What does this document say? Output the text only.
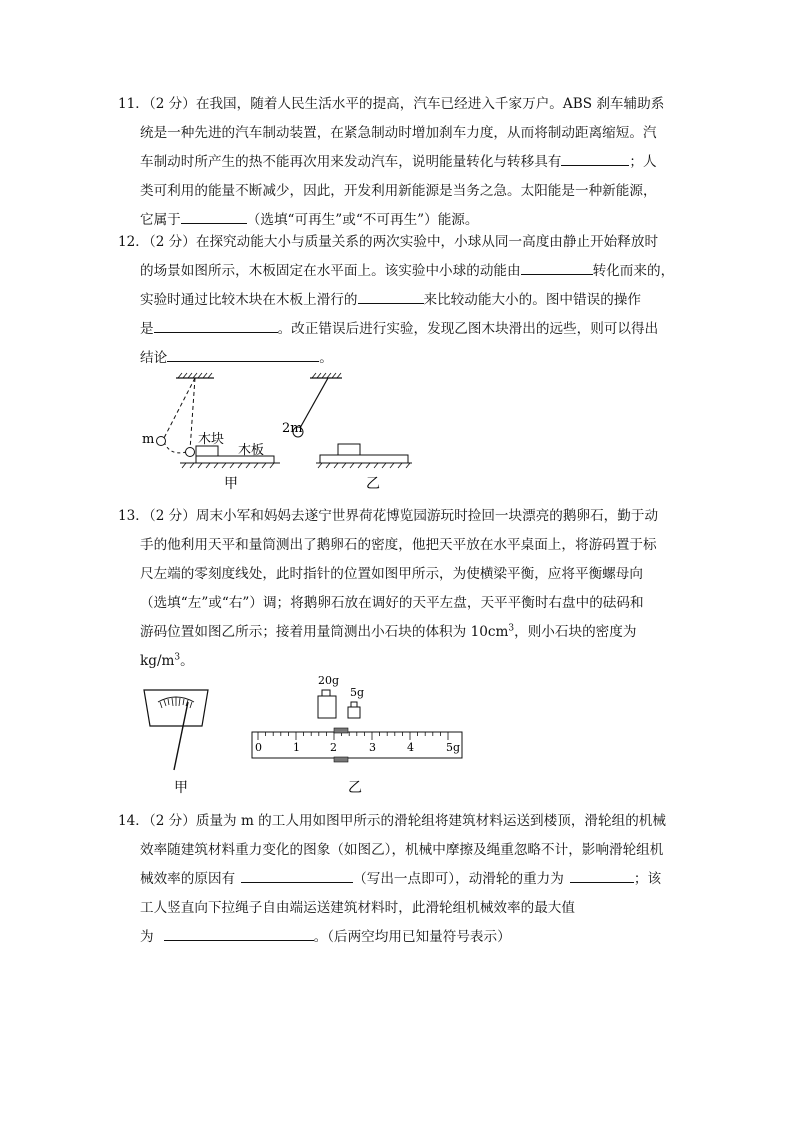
11．（2 分）在我国，随着人民生活水平的提高，汽车已经进入千家万户。ABS 刹车辅助系
统是一种先进的汽车制动装置，在紧急制动时增加刹车力度，从而将制动距离缩短。汽
车制动时所产生的热不能再次用来发动汽车，说明能量转化与转移具有	；人
类可利用的能量不断减少，因此，开发利用新能源是当务之急。太阳能是一种新能源，
它属于	（选填“可再生”或“不可再生”）能源。
12．（2 分）在探究动能大小与质量关系的两次实验中，小球从同一高度由静止开始释放时
的场景如图所示，木板固定在水平面上。该实验中小球的动能由	转化而来的，
实验时通过比较木块在木板上滑行的	来比较动能大小的。图中错误的操作
是	。改正错误后进行实验，发现乙图木块滑出的远些，则可以得出
结论	。
m	木块
木板
2m
甲	乙
13．（2 分）周末小军和妈妈去遂宁世界荷花博览园游玩时捡回一块漂亮的鹅卵石，勤于动
手的他利用天平和量筒测出了鹅卵石的密度，他把天平放在水平桌面上，将游码置于标
尺左端的零刻度线处，此时指针的位置如图甲所示，为使横梁平衡，应将平衡螺母向
（选填“左”或“右”）调；将鹅卵石放在调好的天平左盘，天平平衡时右盘中的砝码和
游码位置如图乙所示；接着用量筒测出小石块的体积为 $10cm^3$，则小石块的密度为
$kg/m^3$。
20g
5g
0	1	2	3	4	5g
甲	乙
14．（2 分）质量为 m 的工人用如图甲所示的滑轮组将建筑材料运送到楼顶，滑轮组的机械
效率随建筑材料重力变化的图象（如图乙），机械中摩擦及绳重忽略不计，影响滑轮组机
械效率的原因有	（写出一点即可），动滑轮的重力为	；该
工人竖直向下拉绳子自由端运送建筑材料时，此滑轮组机械效率的最大值
为	。（后两空均用已知量符号表示）
